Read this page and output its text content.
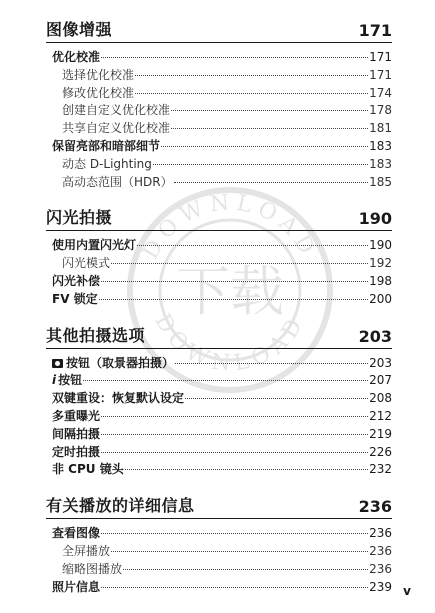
DOWNLOAD
下载
DOWNLOAD
图像增强	171
优化校准	171
选择优化校准	171
修改优化校准	174
创建自定义优化校准	178
共享自定义优化校准	181
保留亮部和暗部细节	183
动态 D-Lighting	183
高动态范围（HDR）	185
闪光拍摄	190
使用内置闪光灯	190
闪光模式	192
闪光补偿	198
FV 锁定	200
其他拍摄选项	203
按钮（取景器拍摄）	203
i 按钮	207
双键重设：恢复默认设定	208
多重曝光	212
间隔拍摄	219
定时拍摄	226
非 CPU 镜头	232
有关播放的详细信息	236
查看图像	236
全屏播放	236
缩略图播放	236
照片信息	239 v
